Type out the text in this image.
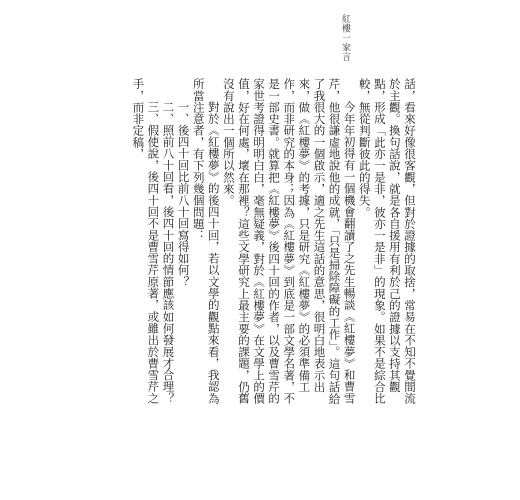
紅樓一家言

話，看來好像很客觀，但對於證據的取捨，常易在不知不覺間流於主觀。換句話說，就是各自援用有利於己的證據以支持其觀點，形成「此亦一是非，彼亦一是非」的現象。如果不是綜合比較，無從判斷彼此的得失。

今年年初得有一個機會翻讀了之先生暢談《紅樓夢》和曹雪芹，他很謙虛地說他的成就，「只是掃除障礙的工作」。這句話給了我很大的一個啟示，適之先生這話的意思，很明白地表示出來，做《紅樓夢》的考據，只是研究《紅樓夢》的必須準備工作，而非研究的本身；因為《紅樓夢》到底是一部文學名著，不是一部史書。就算把《紅樓夢》後四十回的作者，以及曹雪芹的家世考證得明明白白，毫無疑義，對於《紅樓夢》在文學上的價值，好在何處，壞在那裡？這些文學研究上最主要的課題，仍舊沒有說出一個所以然來。

對於《紅樓夢》的後四十回，若以文學的觀點來看，我認為所當注意者，有下列幾個問題：

一、後四十回比前八十回寫得如何？

二、照前八十回看，後四十回的情節應該如何發展才合理？

三、假使說，後四十回不是曹雪芹原著，或雖出於曹雪芹之手，而非定稿，
